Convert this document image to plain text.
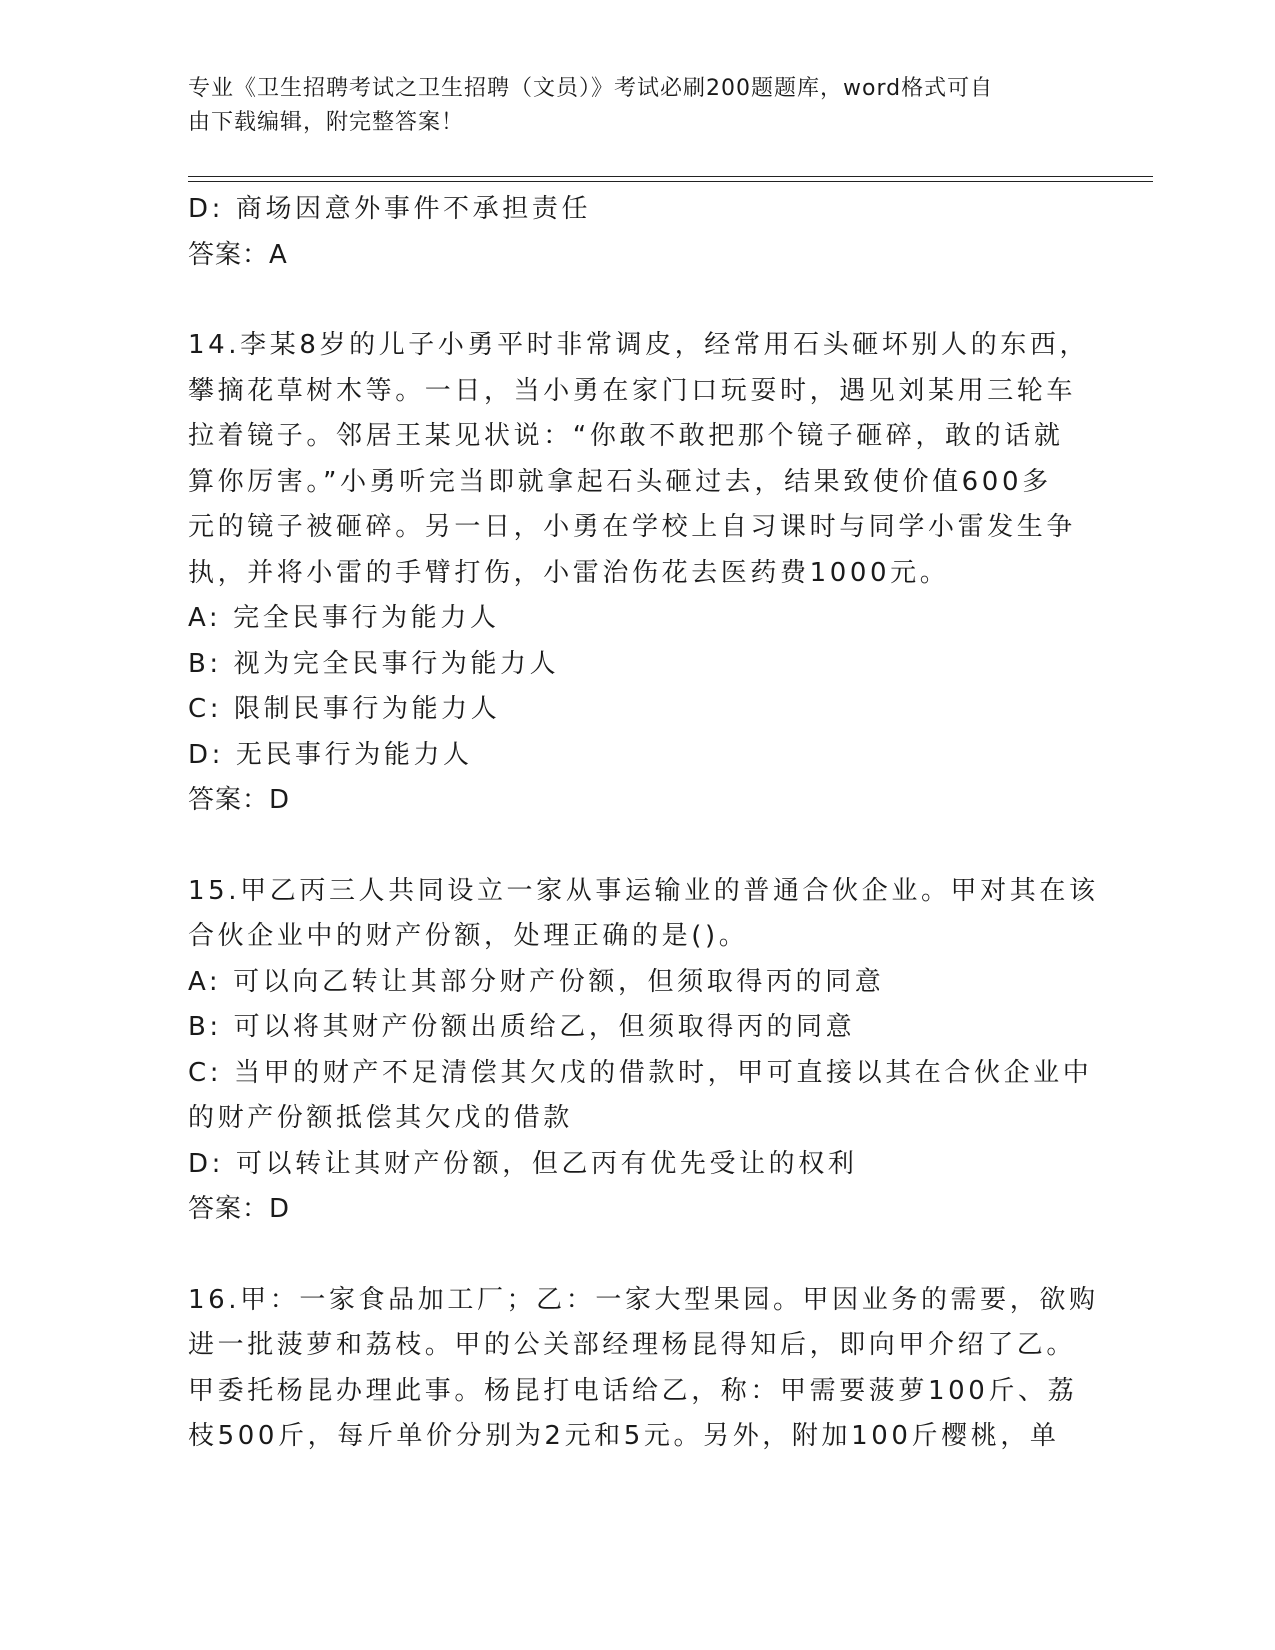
专业《卫生招聘考试之卫生招聘（文员）》考试必刷200题题库，word格式可自
由下载编辑，附完整答案！
D: 商场因意外事件不承担责任
答案：A
14.李某8岁的儿子小勇平时非常调皮，经常用石头砸坏别人的东西，
攀摘花草树木等。一日，当小勇在家门口玩耍时，遇见刘某用三轮车
拉着镜子。邻居王某见状说：“你敢不敢把那个镜子砸碎，敢的话就
算你厉害。”小勇听完当即就拿起石头砸过去，结果致使价值600多
元的镜子被砸碎。另一日，小勇在学校上自习课时与同学小雷发生争
执，并将小雷的手臂打伤，小雷治伤花去医药费1000元。
A: 完全民事行为能力人
B: 视为完全民事行为能力人
C: 限制民事行为能力人
D: 无民事行为能力人
答案：D
15.甲乙丙三人共同设立一家从事运输业的普通合伙企业。甲对其在该
合伙企业中的财产份额，处理正确的是()。
A: 可以向乙转让其部分财产份额，但须取得丙的同意
B: 可以将其财产份额出质给乙，但须取得丙的同意
C: 当甲的财产不足清偿其欠戊的借款时，甲可直接以其在合伙企业中
的财产份额抵偿其欠戊的借款
D: 可以转让其财产份额，但乙丙有优先受让的权利
答案：D
16.甲：一家食品加工厂；乙：一家大型果园。甲因业务的需要，欲购
进一批菠萝和荔枝。甲的公关部经理杨昆得知后，即向甲介绍了乙。
甲委托杨昆办理此事。杨昆打电话给乙，称：甲需要菠萝100斤、荔
枝500斤，每斤单价分别为2元和5元。另外，附加100斤樱桃，单
